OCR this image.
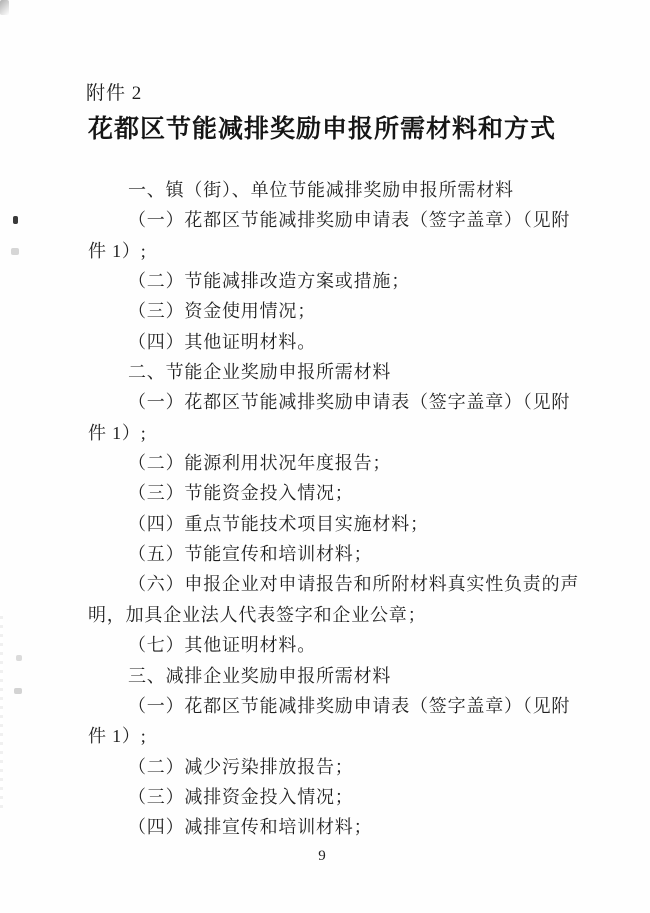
附件 2
花都区节能减排奖励申报所需材料和方式
一、镇（街）、单位节能减排奖励申报所需材料
（一）花都区节能减排奖励申请表（签字盖章）（见附
件 1）;
（二）节能减排改造方案或措施；
（三）资金使用情况；
（四）其他证明材料。
二、节能企业奖励申报所需材料
（一）花都区节能减排奖励申请表（签字盖章）（见附
件 1）;
（二）能源利用状况年度报告；
（三）节能资金投入情况；
（四）重点节能技术项目实施材料；
（五）节能宣传和培训材料；
（六）申报企业对申请报告和所附材料真实性负责的声
明，加具企业法人代表签字和企业公章；
（七）其他证明材料。
三、减排企业奖励申报所需材料
（一）花都区节能减排奖励申请表（签字盖章）（见附
件 1）;
（二）减少污染排放报告；
（三）减排资金投入情况；
（四）减排宣传和培训材料；
9
